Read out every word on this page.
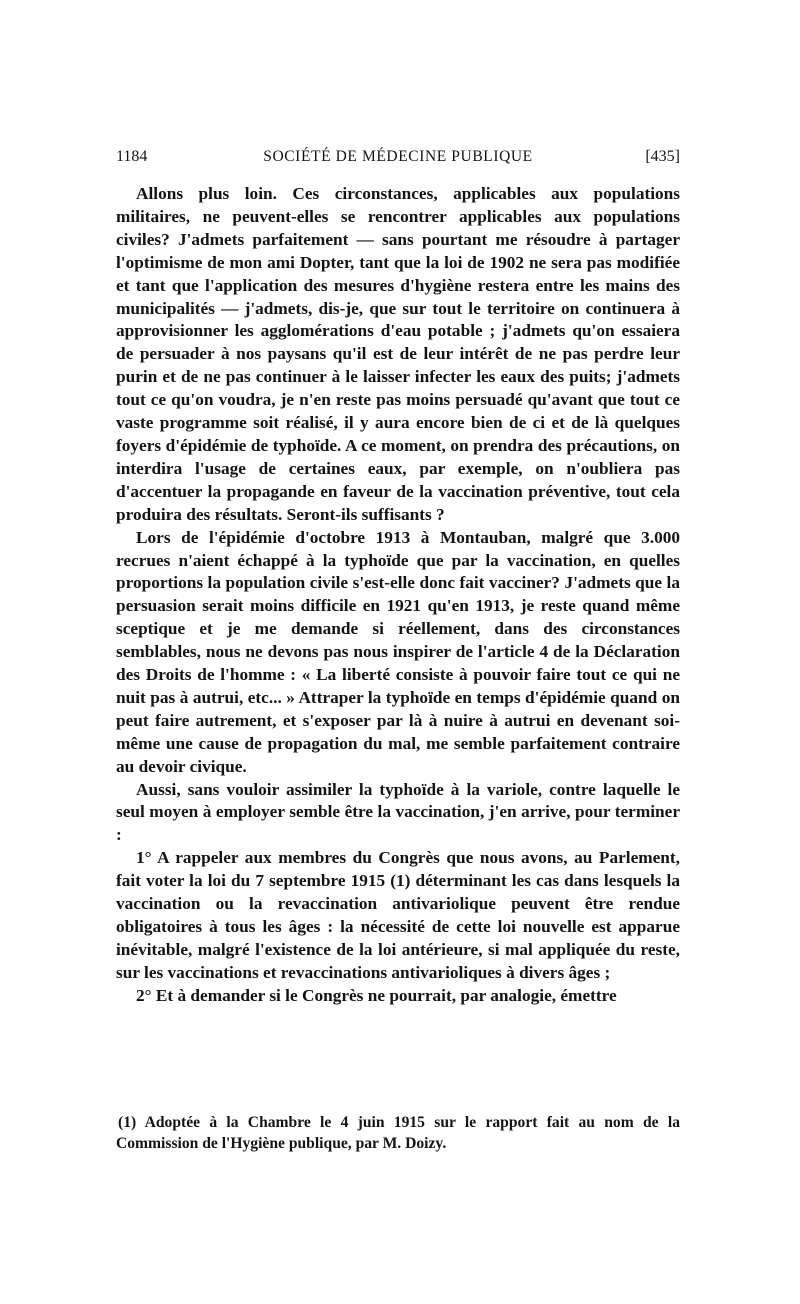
1184	SOCIÉTÉ DE MÉDECINE PUBLIQUE	[435]

Allons plus loin. Ces circonstances, applicables aux populations militaires, ne peuvent-elles se rencontrer applicables aux populations civiles? J'admets parfaitement — sans pourtant me résoudre à partager l'optimisme de mon ami Dopter, tant que la loi de 1902 ne sera pas modifiée et tant que l'application des mesures d'hygiène restera entre les mains des municipalités — j'admets, dis-je, que sur tout le territoire on continuera à approvisionner les agglomérations d'eau potable ; j'admets qu'on essaiera de persuader à nos paysans qu'il est de leur intérêt de ne pas perdre leur purin et de ne pas continuer à le laisser infecter les eaux des puits; j'admets tout ce qu'on voudra, je n'en reste pas moins persuadé qu'avant que tout ce vaste programme soit réalisé, il y aura encore bien de ci et de là quelques foyers d'épidémie de typhoïde. A ce moment, on prendra des précautions, on interdira l'usage de certaines eaux, par exemple, on n'oubliera pas d'accentuer la propagande en faveur de la vaccination préventive, tout cela produira des résultats. Seront-ils suffisants ?

Lors de l'épidémie d'octobre 1913 à Montauban, malgré que 3.000 recrues n'aient échappé à la typhoïde que par la vaccination, en quelles proportions la population civile s'est-elle donc fait vacciner? J'admets que la persuasion serait moins difficile en 1921 qu'en 1913, je reste quand même sceptique et je me demande si réellement, dans des circonstances semblables, nous ne devons pas nous inspirer de l'article 4 de la Déclaration des Droits de l'homme : « La liberté consiste à pouvoir faire tout ce qui ne nuit pas à autrui, etc... » Attraper la typhoïde en temps d'épidémie quand on peut faire autrement, et s'exposer par là à nuire à autrui en devenant soi-même une cause de propagation du mal, me semble parfaitement contraire au devoir civique.

Aussi, sans vouloir assimiler la typhoïde à la variole, contre laquelle le seul moyen à employer semble être la vaccination, j'en arrive, pour terminer :

1° A rappeler aux membres du Congrès que nous avons, au Parlement, fait voter la loi du 7 septembre 1915 (1) déterminant les cas dans lesquels la vaccination ou la revaccination antivariolique peuvent être rendue obligatoires à tous les âges : la nécessité de cette loi nouvelle est apparue inévitable, malgré l'existence de la loi antérieure, si mal appliquée du reste, sur les vaccinations et revaccinations antivarioliques à divers âges ;

2° Et à demander si le Congrès ne pourrait, par analogie, émettre

(1) Adoptée à la Chambre le 4 juin 1915 sur le rapport fait au nom de la Commission de l'Hygiène publique, par M. Doizy.
